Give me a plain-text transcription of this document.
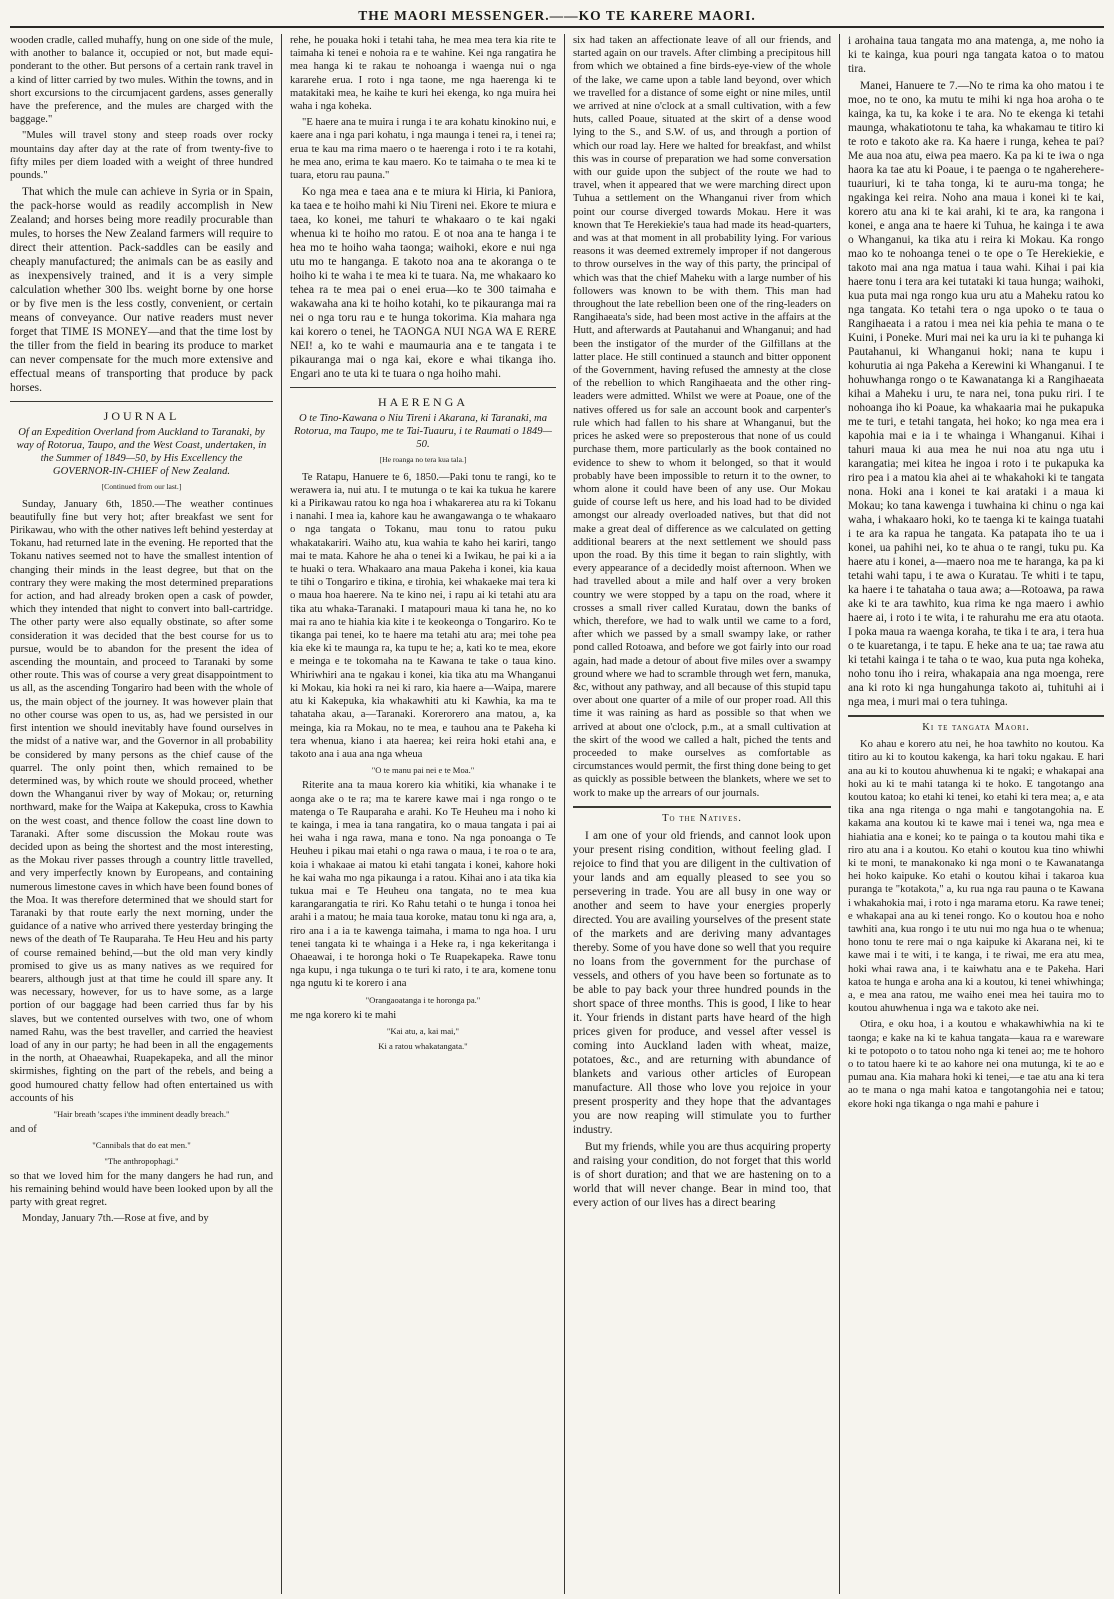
THE MAORI MESSENGER.——KO TE KARERE MAORI.

wooden cradle, called muhaffy, hung on one side of the mule, with another to balance it, occupied or not, but made equi-ponderant to the other. But persons of a certain rank travel in a kind of litter carried by two mules. Within the towns, and in short excursions to the circumjacent gardens, asses generally have the preference, and the mules are charged with the baggage."

"Mules will travel stony and steep roads over rocky mountains day after day at the rate of from twenty-five to fifty miles per diem loaded with a weight of three hundred pounds."

That which the mule can achieve in Syria or in Spain, the pack-horse would as readily accomplish in New Zealand; and horses being more readily procurable than mules, to horses the New Zealand farmers will require to direct their attention. Pack-saddles can be easily and cheaply manufactured; the animals can be as easily and as inexpensively trained, and it is a very simple calculation whether 300 lbs. weight borne by one horse or by five men is the less costly, convenient, or certain means of conveyance. Our native readers must never forget that TIME IS MONEY—and that the time lost by the tiller from the field in bearing its produce to market can never compensate for the much more extensive and effectual means of transporting that produce by pack horses.

JOURNAL
Of an Expedition Overland from Auckland to Taranaki, by way of Rotorua, Taupo, and the West Coast, undertaken, in the Summer of 1849—50, by His Excellency the GOVERNOR-IN-CHIEF of New Zealand.
[Continued from our last.]

Sunday, January 6th, 1850.—The weather continues beautifully fine but very hot; after breakfast we sent for Pirikawau, who with the other natives left behind yesterday at Tokanu, had returned late in the evening. He reported that the Tokanu natives seemed not to have the smallest intention of changing their minds in the least degree, but that on the contrary they were making the most determined preparations for action, and had already broken open a cask of powder, which they intended that night to convert into ball-cartridge. The other party were also equally obstinate, so after some consideration it was decided that the best course for us to pursue, would be to abandon for the present the idea of ascending the mountain, and proceed to Taranaki by some other route. This was of course a very great disappointment to us all, as the ascending Tongariro had been with the whole of us, the main object of the journey. It was however plain that no other course was open to us, as, had we persisted in our first intention we should inevitably have found ourselves in the midst of a native war, and the Governor in all probability be considered by many persons as the chief cause of the quarrel. The only point then, which remained to be determined was, by which route we should proceed, whether down the Whanganui river by way of Mokau; or, returning northward, make for the Waipa at Kakepuka, cross to Kawhia on the west coast, and thence follow the coast line down to Taranaki. After some discussion the Mokau route was decided upon as being the shortest and the most interesting, as the Mokau river passes through a country little travelled, and very imperfectly known by Europeans, and containing numerous limestone caves in which have been found bones of the Moa. It was therefore determined that we should start for Taranaki by that route early the next morning, under the guidance of a native who arrived there yesterday bringing the news of the death of Te Rauparaha. Te Heu Heu and his party of course remained behind,—but the old man very kindly promised to give us as many natives as we required for bearers, although just at that time he could ill spare any. It was necessary, however, for us to have some, as a large portion of our baggage had been carried thus far by his slaves, but we contented ourselves with two, one of whom named Rahu, was the best traveller, and carried the heaviest load of any in our party; he had been in all the engagements in the north, at Ohaeawhai, Ruapekapeka, and all the minor skirmishes, fighting on the part of the rebels, and being a good humoured chatty fellow had often entertained us with accounts of his

"Hair breath 'scapes i'the imminent deadly breach."

and of

"Cannibals that do eat men."

"The anthropophagi."

so that we loved him for the many dangers he had run, and his remaining behind would have been looked upon by all the party with great regret.

Monday, January 7th.—Rose at five, and by

rehe, he pouaka hoki i tetahi taha, he mea mea tera kia rite te taimaha ki tenei e nohoia ra e te wahine. Kei nga rangatira he mea hanga ki te rakau te nohoanga i waenga nui o nga kararehe erua. I roto i nga taone, me nga haerenga ki te matakitaki mea, he kaihe te kuri hei ekenga, ko nga muira hei waha i nga koheka.

"E haere ana te muira i runga i te ara kohatu kinokino nui, e kaere ana i nga pari kohatu, i nga maunga i tenei ra, i tenei ra; erua te kau ma rima maero o te haerenga i roto i te ra kotahi, he mea ano, erima te kau maero. Ko te taimaha o te mea ki te tuara, etoru rau pauna."

Ko nga mea e taea ana e te miura ki Hiria, ki Paniora, ka taea e te hoiho mahi ki Niu Tireni nei. Ekore te miura e taea, ko konei, me tahuri te whakaaro o te kai ngaki whenua ki te hoiho mo ratou. E ot noa ana te hanga i te hea mo te hoiho waha taonga; waihoki, ekore e nui nga utu mo te hanganga. E takoto noa ana te akoranga o te hoiho ki te waha i te mea ki te tuara. Na, me whakaaro ko tehea ra te mea pai o enei erua—ko te 300 taimaha e wakawaha ana ki te hoiho kotahi, ko te pikauranga mai ra nei o nga toru rau e te hunga tokorima. Kia mahara nga kai korero o tenei, he TAONGA NUI NGA WA E RERE NEI! a, ko te wahi e maumauria ana e te tangata i te pikauranga mai o nga kai, ekore e whai tikanga iho. Engari ano te uta ki te tuara o nga hoiho mahi.

HAERENGA
O te Tino-Kawana o Niu Tireni i Akarana, ki Taranaki, ma Rotorua, ma Taupo, me te Tai-Tuauru, i te Raumati o 1849—50.
[He roanga no tera kua tala.]

Te Ratapu, Hanuere te 6, 1850.—Paki tonu te rangi, ko te werawera ia, nui atu. I te mutunga o te kai ka tukua he karere ki a Pirikawau ratou ko nga hoa i whakarerea atu ra ki Tokanu i nanahi. I mea ia, kahore kau he awangawanga o te whakaaro o nga tangata o Tokanu, mau tonu to ratou puku whakatakariri. Waiho atu, kua wahia te kaho hei kariri, tango mai te mata. Kahore he aha o tenei ki a Iwikau, he pai ki a ia te huaki o tera. Whakaaro ana maua Pakeha i konei, kia kaua te tihi o Tongariro e tikina, e tirohia, kei whakaeke mai tera ki o maua hoa haerere. Na te kino nei, i rapu ai ki tetahi atu ara tika atu whaka-Taranaki. I matapouri maua ki tana he, no ko mai ra ano te hiahia kia kite i te keokeonga o Tongariro. Ko te tikanga pai tenei, ko te haere ma tetahi atu ara; mei tohe pea kia eke ki te maunga ra, ka tupu te he; a, kati ko te mea, ekore e meinga e te tokomaha na te Kawana te take o taua kino. Whiriwhiri ana te ngakau i konei, kia tika atu ma Whanganui ki Mokau, kia hoki ra nei ki raro, kia haere a—Waipa, marere atu ki Kakepuka, kia whakawhiti atu ki Kawhia, ka ma te tahataha akau, a—Taranaki. Korerorero ana matou, a, ka meinga, kia ra Mokau, no te mea, e tauhou ana te Pakeha ki tera whenua, kiano i ata haerea; kei reira hoki etahi ana, e takoto ana i aua ana nga wheua

"O te manu pai nei e te Moa."

Riterite ana ta maua korero kia whitiki, kia whanake i te aonga ake o te ra; ma te karere kawe mai i nga rongo o te matenga o Te Rauparaha e arahi. Ko Te Heuheu ma i noho ki te kainga, i mea ia tana rangatira, ko o maua tangata i pai ai hei waha i nga rawa, mana e tono. Na nga ponoanga o Te Heuheu i pikau mai etahi o nga rawa o maua, i te roa o te ara, koia i whakaae ai matou ki etahi tangata i konei, kahore hoki he kai waha mo nga pikaunga i a ratou. Kihai ano i ata tika kia tukua mai e Te Heuheu ona tangata, no te mea kua karangarangatia te riri. Ko Rahu tetahi o te hunga i tonoa hei arahi i a matou; he maia taua koroke, matau tonu ki nga ara, a, riro ana i a ia te kawenga taimaha, i mama to nga hoa. I uru tenei tangata ki te whainga i a Heke ra, i nga kekeritanga i Ohaeawai, i te horonga hoki o Te Ruapekapeka. Rawe tonu nga kupu, i nga tukunga o te turi ki rato, i te ara, komene tonu nga ngutu ki te korero i ana

"Orangaoatanga i te horonga pa."

me nga korero ki te mahi

"Kai atu, a, kai mai,"

Ki a ratou whakatangata."

six had taken an affectionate leave of all our friends, and started again on our travels. After climbing a precipitous hill from which we obtained a fine birds-eye-view of the whole of the lake, we came upon a table land beyond, over which we travelled for a distance of some eight or nine miles, until we arrived at nine o'clock at a small cultivation, with a few huts, called Poaue, situated at the skirt of a dense wood lying to the S., and S.W. of us, and through a portion of which our road lay. Here we halted for breakfast, and whilst this was in course of preparation we had some conversation with our guide upon the subject of the route we had to travel, when it appeared that we were marching direct upon Tuhua a settlement on the Whanganui river from which point our course diverged towards Mokau. Here it was known that Te Herekiekie's taua had made its head-quarters, and was at that moment in all probability lying. For various reasons it was deemed extremely improper if not dangerous to throw ourselves in the way of this party, the principal of which was that the chief Maheku with a large number of his followers was known to be with them. This man had throughout the late rebellion been one of the ring-leaders on Rangihaeata's side, had been most active in the affairs at the Hutt, and afterwards at Pautahanui and Whanganui; and had been the instigator of the murder of the Gilfillans at the latter place. He still continued a staunch and bitter opponent of the Government, having refused the amnesty at the close of the rebellion to which Rangihaeata and the other ring-leaders were admitted. Whilst we were at Poaue, one of the natives offered us for sale an account book and carpenter's rule which had fallen to his share at Whanganui, but the prices he asked were so preposterous that none of us could purchase them, more particularly as the book contained no evidence to shew to whom it belonged, so that it would probably have been impossible to return it to the owner, to whom alone it could have been of any use. Our Mokau guide of course left us here, and his load had to be divided amongst our already overloaded natives, but that did not make a great deal of difference as we calculated on getting additional bearers at the next settlement we should pass upon the road. By this time it began to rain slightly, with every appearance of a decidedly moist afternoon. When we had travelled about a mile and half over a very broken country we were stopped by a tapu on the road, where it crosses a small river called Kuratau, down the banks of which, therefore, we had to walk until we came to a ford, after which we passed by a small swampy lake, or rather pond called Rotoawa, and before we got fairly into our road again, had made a detour of about five miles over a swampy ground where we had to scramble through wet fern, manuka, &c, without any pathway, and all because of this stupid tapu over about one quarter of a mile of our proper road. All this time it was raining as hard as possible so that when we arrived at about one o'clock, p.m., at a small cultivation at the skirt of the wood we called a halt, piched the tents and proceeded to make ourselves as comfortable as circumstances would permit, the first thing done being to get as quickly as possible between the blankets, where we set to work to make up the arrears of our journals.

To the Natives.

I am one of your old friends, and cannot look upon your present rising condition, without feeling glad. I rejoice to find that you are diligent in the cultivation of your lands and am equally pleased to see you so persevering in trade. You are all busy in one way or another and seem to have your energies properly directed. You are availing yourselves of the present state of the markets and are deriving many advantages thereby. Some of you have done so well that you require no loans from the government for the purchase of vessels, and others of you have been so fortunate as to be able to pay back your three hundred pounds in the short space of three months. This is good, I like to hear it. Your friends in distant parts have heard of the high prices given for produce, and vessel after vessel is coming into Auckland laden with wheat, maize, potatoes, &c., and are returning with abundance of blankets and various other articles of European manufacture. All those who love you rejoice in your present prosperity and they hope that the advantages you are now reaping will stimulate you to further industry.

But my friends, while you are thus acquiring property and raising your condition, do not forget that this world is of short duration; and that we are hastening on to a world that will never change. Bear in mind too, that every action of our lives has a direct bearing

i arohaina taua tangata mo ana matenga, a, me noho ia ki te kainga, kua pouri nga tangata katoa o to matou tira.

Manei, Hanuere te 7.—No te rima ka oho matou i te moe, no te ono, ka mutu te mihi ki nga hoa aroha o te kainga, ka tu, ka koke i te ara. No te ekenga ki tetahi maunga, whakatiotonu te taha, ka whakamau te titiro ki te roto e takoto ake ra. Ka haere i runga, kehea te pai? Me aua noa atu, eiwa pea maero. Ka pa ki te iwa o nga haora ka tae atu ki Poaue, i te paenga o te ngaherehere-tuauriuri, ki te taha tonga, ki te auru-ma tonga; he ngakinga kei reira. Noho ana maua i konei ki te kai, korero atu ana ki te kai arahi, ki te ara, ka rangona i konei, e anga ana te haere ki Tuhua, he kainga i te awa o Whanganui, ka tika atu i reira ki Mokau. Ka rongo mao ko te nohoanga tenei o te ope o Te Herekiekie, e takoto mai ana nga matua i taua wahi. Kihai i pai kia haere tonu i tera ara kei tutataki ki taua hunga; waihoki, kua puta mai nga rongo kua uru atu a Maheku ratou ko nga tangata. Ko tetahi tera o nga upoko o te taua o Rangihaeata i a ratou i mea nei kia pehia te mana o te Kuini, i Poneke. Muri mai nei ka uru ia ki te puhanga ki Pautahanui, ki Whanganui hoki; nana te kupu i kohurutia ai nga Pakeha a Kerewini ki Whanganui. I te hohuwhanga rongo o te Kawanatanga ki a Rangihaeata kihai a Maheku i uru, te nara nei, tona puku riri. I te nohoanga iho ki Poaue, ka whakaaria mai he pukapuka me te turi, e tetahi tangata, hei hoko; ko nga mea era i kapohia mai e ia i te whainga i Whanganui. Kihai i tahuri maua ki aua mea he nui noa atu nga utu i karangatia; mei kitea he ingoa i roto i te pukapuka ka riro pea i a matou kia ahei ai te whakahoki ki te tangata nona. Hoki ana i konei te kai arataki i a maua ki Mokau; ko tana kawenga i tuwhaina ki chinu o nga kai waha, i whakaaro hoki, ko te taenga ki te kainga tuatahi i te ara ka rapua he tangata. Ka patapata iho te ua i konei, ua pahihi nei, ko te ahua o te rangi, tuku pu. Ka haere atu i konei, a—maero noa me te haranga, ka pa ki tetahi wahi tapu, i te awa o Kuratau. Te whiti i te tapu, ka haere i te tahataha o taua awa; a—Rotoawa, pa rawa ake ki te ara tawhito, kua rima ke nga maero i awhio haere ai, i roto i te wita, i te rahurahu me era atu otaota. I poka maua ra waenga koraha, te tika i te ara, i tera hua o te kuaretanga, i te tapu. E heke ana te ua; tae rawa atu ki tetahi kainga i te taha o te wao, kua puta nga koheka, noho tonu iho i reira, whakapaia ana nga moenga, rere ana ki roto ki nga hungahunga takoto ai, tuhituhi ai i nga mea, i muri mai o tera tuhinga.

Ki te tangata Maori.

Ko ahau e korero atu nei, he hoa tawhito no koutou. Ka titiro au ki to koutou kakenga, ka hari toku ngakau. E hari ana au ki to koutou ahuwhenua ki te ngaki; e whakapai ana hoki au ki te mahi tatanga ki te hoko. E tangotango ana koutou katoa; ko etahi ki tenei, ko etahi ki tera mea; a, e ata tika ana nga ritenga o nga mahi e tangotangohia na. E kakama ana koutou ki te kawe mai i tenei wa, nga mea e hiahiatia ana e konei; ko te painga o ta koutou mahi tika e riro atu ana i a koutou. Ko etahi o koutou kua tino whiwhi ki te moni, te manakonako ki nga moni o te Kawanatanga hei hoko kaipuke. Ko etahi o koutou kihai i takaroa kua puranga te "kotakota," a, ku rua nga rau pauna o te Kawana i whakahokia mai, i roto i nga marama etoru. Ka rawe tenei; e whakapai ana au ki tenei rongo. Ko o koutou hoa e noho tawhiti ana, kua rongo i te utu nui mo nga hua o te whenua; hono tonu te rere mai o nga kaipuke ki Akarana nei, ki te kawe mai i te witi, i te kanga, i te riwai, me era atu mea, hoki whai rawa ana, i te kaiwhatu ana e te Pakeha. Hari katoa te hunga e aroha ana ki a koutou, ki tenei whiwhinga; a, e mea ana ratou, me waiho enei mea hei tauira mo to koutou ahuwhenua i nga wa e takoto ake nei.

Otira, e oku hoa, i a koutou e whakawhiwhia na ki te taonga; e kake na ki te kahua tangata—kaua ra e wareware ki te potopoto o to tatou noho nga ki tenei ao; me te hohoro o to tatou haere ki te ao kahore nei ona mutunga, ki te ao e pumau ana. Kia mahara hoki ki tenei,—e tae atu ana ki tera ao te mana o nga mahi katoa e tangotangohia nei e tatou; ekore hoki nga tikanga o nga mahi e pahure i
